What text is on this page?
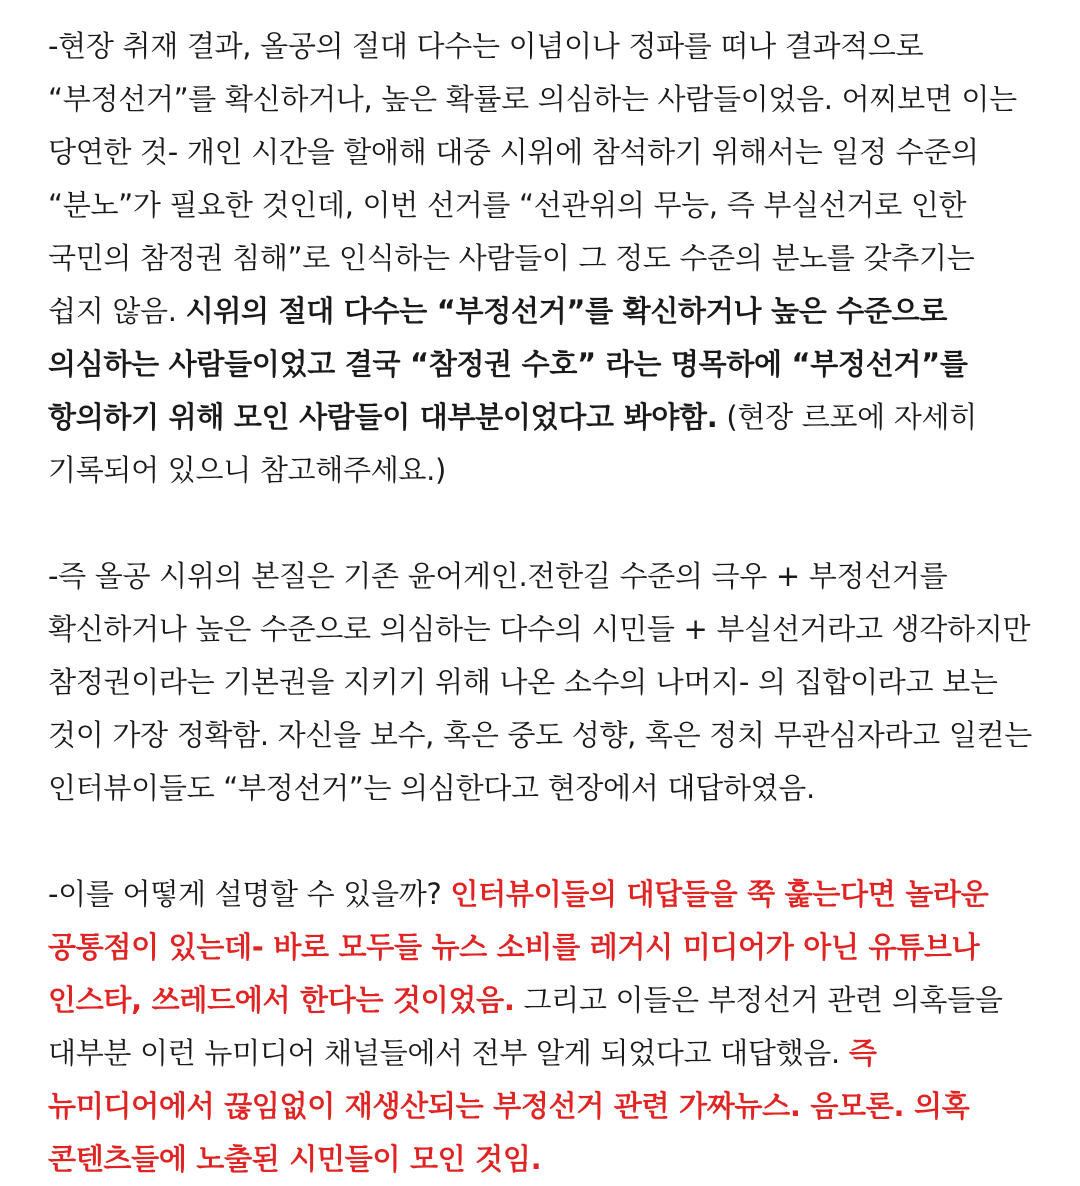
-현장 취재 결과, 올공의 절대 다수는 이념이나 정파를 떠나 결과적으로 “부정선거”를 확신하거나, 높은 확률로 의심하는 사람들이었음. 어찌보면 이는 당연한 것- 개인 시간을 할애해 대중 시위에 참석하기 위해서는 일정 수준의 “분노”가 필요한 것인데, 이번 선거를 “선관위의 무능, 즉 부실선거로 인한 국민의 참정권 침해”로 인식하는 사람들이 그 정도 수준의 분노를 갖추기는 쉽지 않음. 시위의 절대 다수는 “부정선거”를 확신하거나 높은 수준으로 의심하는 사람들이었고 결국 “참정권 수호” 라는 명목하에 “부정선거”를 항의하기 위해 모인 사람들이 대부분이었다고 봐야함. (현장 르포에 자세히 기록되어 있으니 참고해주세요.)

-즉 올공 시위의 본질은 기존 윤어게인.전한길 수준의 극우 + 부정선거를 확신하거나 높은 수준으로 의심하는 다수의 시민들 + 부실선거라고 생각하지만 참정권이라는 기본권을 지키기 위해 나온 소수의 나머지- 의 집합이라고 보는 것이 가장 정확함. 자신을 보수, 혹은 중도 성향, 혹은 정치 무관심자라고 일컫는 인터뷰이들도 “부정선거”는 의심한다고 현장에서 대답하였음.

-이를 어떻게 설명할 수 있을까? 인터뷰이들의 대답들을 쭉 훑는다면 놀라운 공통점이 있는데- 바로 모두들 뉴스 소비를 레거시 미디어가 아닌 유튜브나 인스타, 쓰레드에서 한다는 것이었음. 그리고 이들은 부정선거 관련 의혹들을 대부분 이런 뉴미디어 채널들에서 전부 알게 되었다고 대답했음. 즉 뉴미디어에서 끊임없이 재생산되는 부정선거 관련 가짜뉴스. 음모론. 의혹 콘텐츠들에 노출된 시민들이 모인 것임.
